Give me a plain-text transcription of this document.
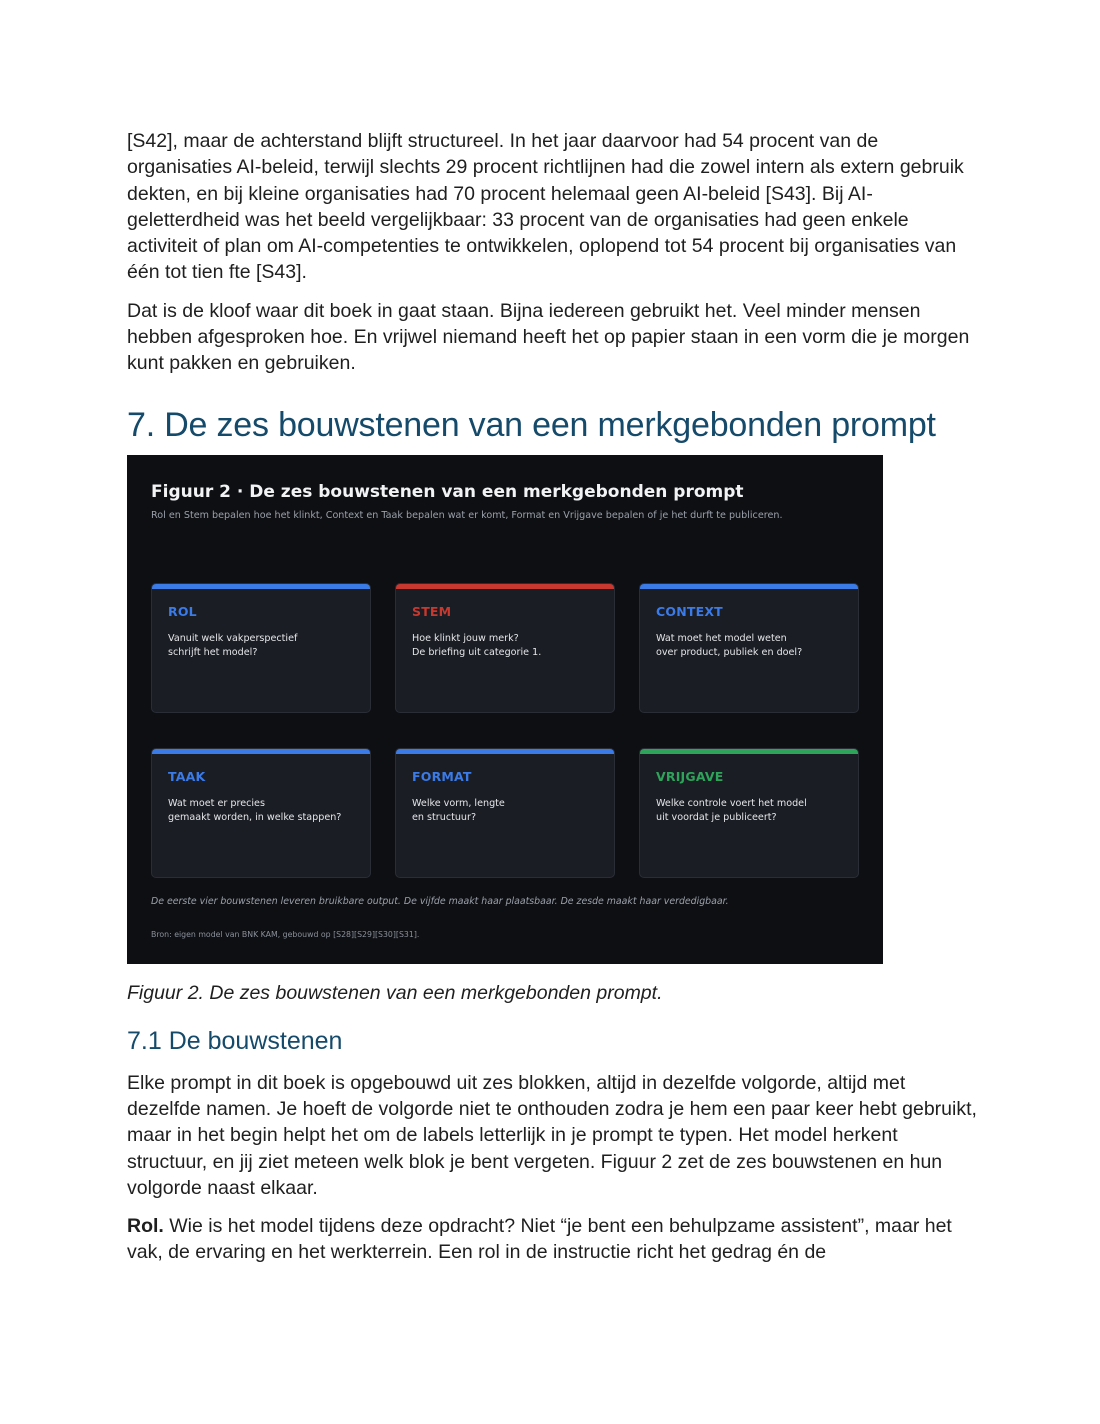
[S42], maar de achterstand blijft structureel. In het jaar daarvoor had 54 procent van de organisaties AI-beleid, terwijl slechts 29 procent richtlijnen had die zowel intern als extern gebruik dekten, en bij kleine organisaties had 70 procent helemaal geen AI-beleid [S43]. Bij AI-geletterdheid was het beeld vergelijkbaar: 33 procent van de organisaties had geen enkele activiteit of plan om AI-competenties te ontwikkelen, oplopend tot 54 procent bij organisaties van één tot tien fte [S43].

Dat is de kloof waar dit boek in gaat staan. Bijna iedereen gebruikt het. Veel minder mensen hebben afgesproken hoe. En vrijwel niemand heeft het op papier staan in een vorm die je morgen kunt pakken en gebruiken.

7. De zes bouwstenen van een merkgebonden prompt

Figuur 2 · De zes bouwstenen van een merkgebonden prompt

Rol en Stem bepalen hoe het klinkt, Context en Taak bepalen wat er komt, Format en Vrijgave bepalen of je het durft te publiceren.

ROL

Vanuit welk vakperspectief
schrijft het model?

STEM

Hoe klinkt jouw merk?
De briefing uit categorie 1.

CONTEXT

Wat moet het model weten
over product, publiek en doel?

TAAK

Wat moet er precies
gemaakt worden, in welke stappen?

FORMAT

Welke vorm, lengte
en structuur?

VRIJGAVE

Welke controle voert het model
uit voordat je publiceert?

De eerste vier bouwstenen leveren bruikbare output. De vijfde maakt haar plaatsbaar. De zesde maakt haar verdedigbaar.

Bron: eigen model van BNK KAM, gebouwd op [S28][S29][S30][S31].

Figuur 2. De zes bouwstenen van een merkgebonden prompt.

7.1 De bouwstenen

Elke prompt in dit boek is opgebouwd uit zes blokken, altijd in dezelfde volgorde, altijd met dezelfde namen. Je hoeft de volgorde niet te onthouden zodra je hem een paar keer hebt gebruikt, maar in het begin helpt het om de labels letterlijk in je prompt te typen. Het model herkent structuur, en jij ziet meteen welk blok je bent vergeten. Figuur 2 zet de zes bouwstenen en hun volgorde naast elkaar.

Rol. Wie is het model tijdens deze opdracht? Niet “je bent een behulpzame assistent”, maar het vak, de ervaring en het werkterrein. Een rol in de instructie richt het gedrag én de
